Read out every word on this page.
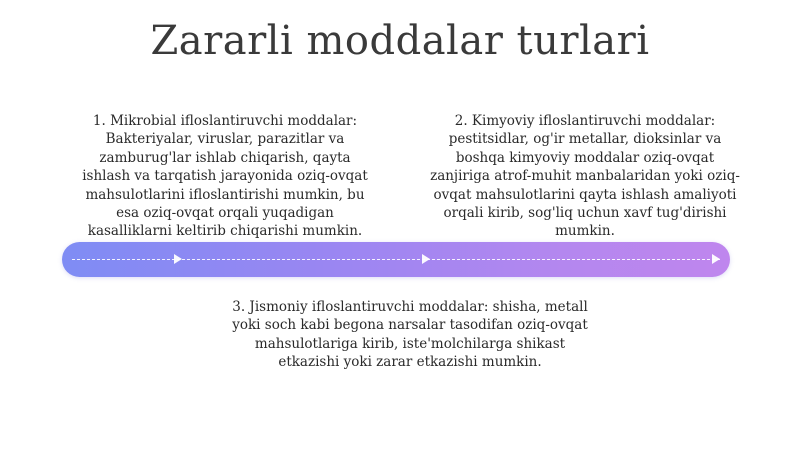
Zararli moddalar turlari

1. Mikrobial ifloslantiruvchi moddalar: Bakteriyalar, viruslar, parazitlar va zamburug'lar ishlab chiqarish, qayta ishlash va tarqatish jarayonida oziq-ovqat mahsulotlarini ifloslantirishi mumkin, bu esa oziq-ovqat orqali yuqadigan kasalliklarni keltirib chiqarishi mumkin.

2. Kimyoviy ifloslantiruvchi moddalar: pestitsidlar, og'ir metallar, dioksinlar va boshqa kimyoviy moddalar oziq-ovqat zanjiriga atrof-muhit manbalaridan yoki oziq-ovqat mahsulotlarini qayta ishlash amaliyoti orqali kirib, sog'liq uchun xavf tug'dirishi mumkin.

3. Jismoniy ifloslantiruvchi moddalar: shisha, metall yoki soch kabi begona narsalar tasodifan oziq-ovqat mahsulotlariga kirib, iste'molchilarga shikast etkazishi yoki zarar etkazishi mumkin.
